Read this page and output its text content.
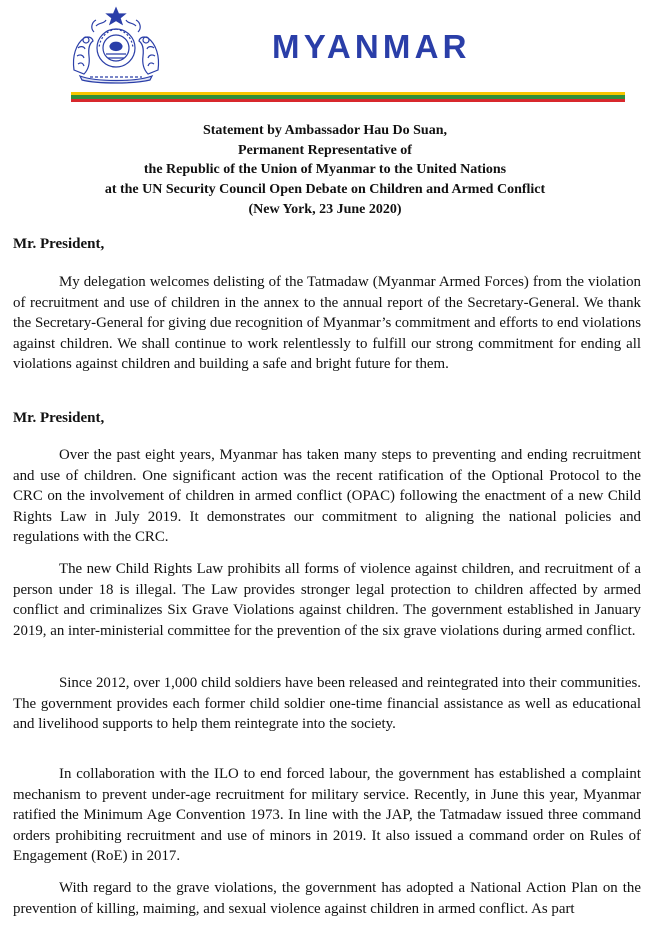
MYANMAR

Statement by Ambassador Hau Do Suan,

Permanent Representative of

the Republic of the Union of Myanmar to the United Nations

at the UN Security Council Open Debate on Children and Armed Conflict

(New York, 23 June 2020)

Mr. President,

My delegation welcomes delisting of the Tatmadaw (Myanmar Armed Forces) from the violation of recruitment and use of children in the annex to the annual report of the Secretary-General. We thank the Secretary-General for giving due recognition of Myanmar’s commitment and efforts to end violations against children. We shall continue to work relentlessly to fulfill our strong commitment for ending all violations against children and building a safe and bright future for them.

Mr. President,

Over the past eight years, Myanmar has taken many steps to preventing and ending recruitment and use of children. One significant action was the recent ratification of the Optional Protocol to the CRC on the involvement of children in armed conflict (OPAC) following the enactment of a new Child Rights Law in July 2019. It demonstrates our commitment to aligning the national policies and regulations with the CRC.

The new Child Rights Law prohibits all forms of violence against children, and recruitment of a person under 18 is illegal. The Law provides stronger legal protection to children affected by armed conflict and criminalizes Six Grave Violations against children. The government established in January 2019, an inter-ministerial committee for the prevention of the six grave violations during armed conflict.

Since 2012, over 1,000 child soldiers have been released and reintegrated into their communities. The government provides each former child soldier one-time financial assistance as well as educational and livelihood supports to help them reintegrate into the society.

In collaboration with the ILO to end forced labour, the government has established a complaint mechanism to prevent under-age recruitment for military service. Recently, in June this year, Myanmar ratified the Minimum Age Convention 1973. In line with the JAP, the Tatmadaw issued three command orders prohibiting recruitment and use of minors in 2019. It also issued a command order on Rules of Engagement (RoE) in 2017.

With regard to the grave violations, the government has adopted a National Action Plan on the prevention of killing, maiming, and sexual violence against children in armed conflict. As part
